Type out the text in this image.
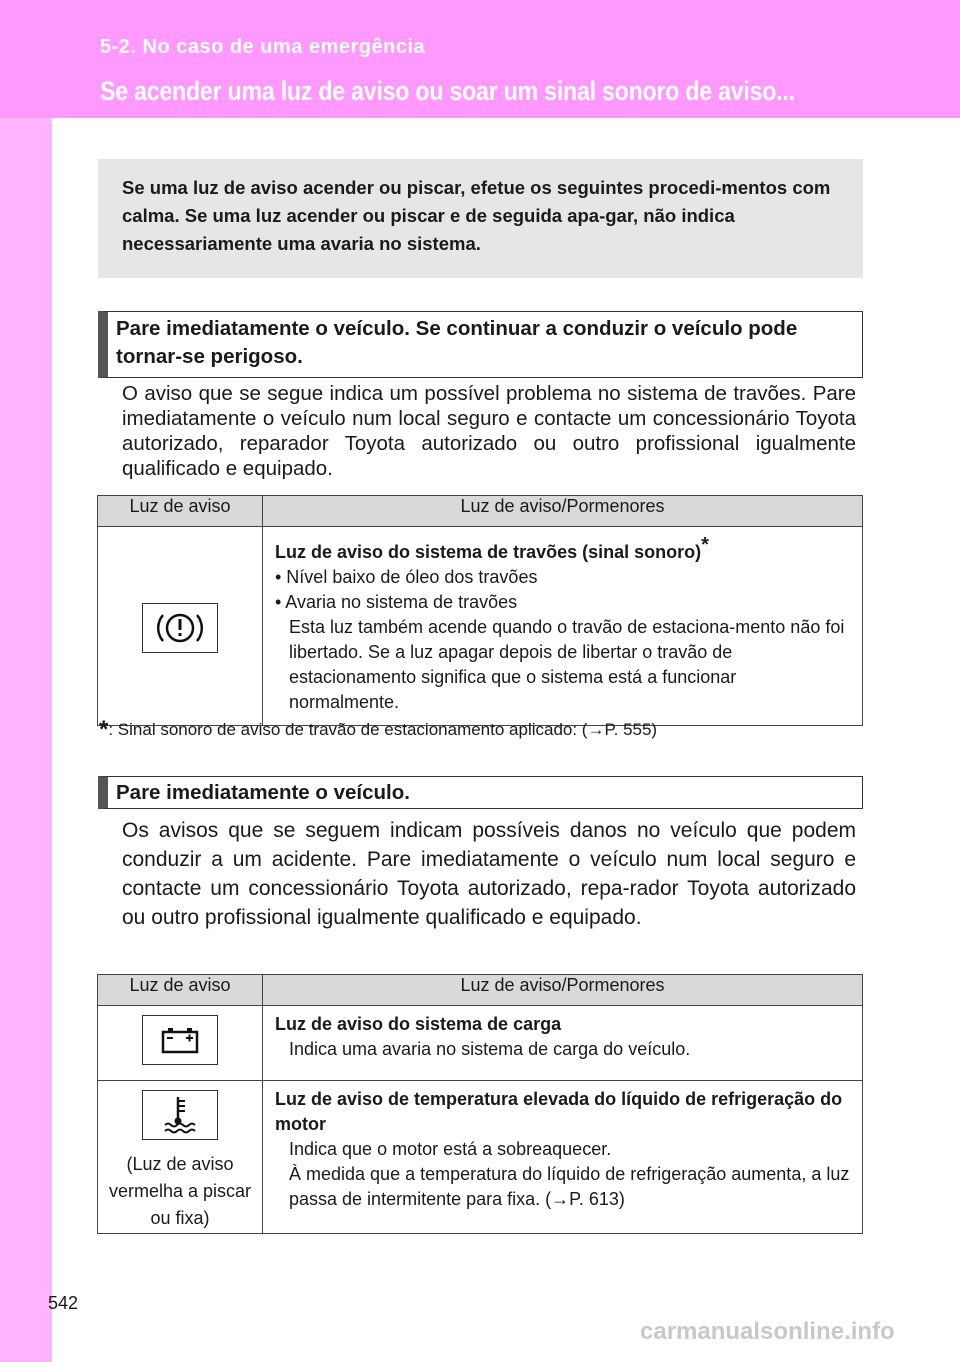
5-2. No caso de uma emergência
Se acender uma luz de aviso ou soar um sinal sonoro de aviso...
Se uma luz de aviso acender ou piscar, efetue os seguintes procedi-mentos com calma. Se uma luz acender ou piscar e de seguida apa-gar, não indica necessariamente uma avaria no sistema.
Pare imediatamente o veículo. Se continuar a conduzir o veículo pode tornar-se perigoso.
O aviso que se segue indica um possível problema no sistema de travões. Pare imediatamente o veículo num local seguro e contacte um concessionário Toyota autorizado, reparador Toyota autorizado ou outro profissional igualmente qualificado e equipado.
Luz de aviso	Luz de aviso/Pormenores

Luz de aviso do sistema de travões (sinal sonoro)*
• Nível baixo de óleo dos travões
• Avaria no sistema de travões
Esta luz também acende quando o travão de estaciona-mento não foi libertado. Se a luz apagar depois de libertar o travão de estacionamento significa que o sistema está a funcionar normalmente.
*: Sinal sonoro de aviso de travão de estacionamento aplicado: (→P. 555)
Pare imediatamente o veículo.
Os avisos que se seguem indicam possíveis danos no veículo que podem conduzir a um acidente. Pare imediatamente o veículo num local seguro e contacte um concessionário Toyota autorizado, repa-rador Toyota autorizado ou outro profissional igualmente qualificado e equipado.
Luz de aviso	Luz de aviso/Pormenores

Luz de aviso do sistema de carga
Indica uma avaria no sistema de carga do veículo.

(Luz de aviso vermelha a piscar ou fixa)	Luz de aviso de temperatura elevada do líquido de refrigeração do motor
Indica que o motor está a sobreaquecer.
À medida que a temperatura do líquido de refrigeração aumenta, a luz passa de intermitente para fixa. (→P. 613)
542
carmanualsonline.info
